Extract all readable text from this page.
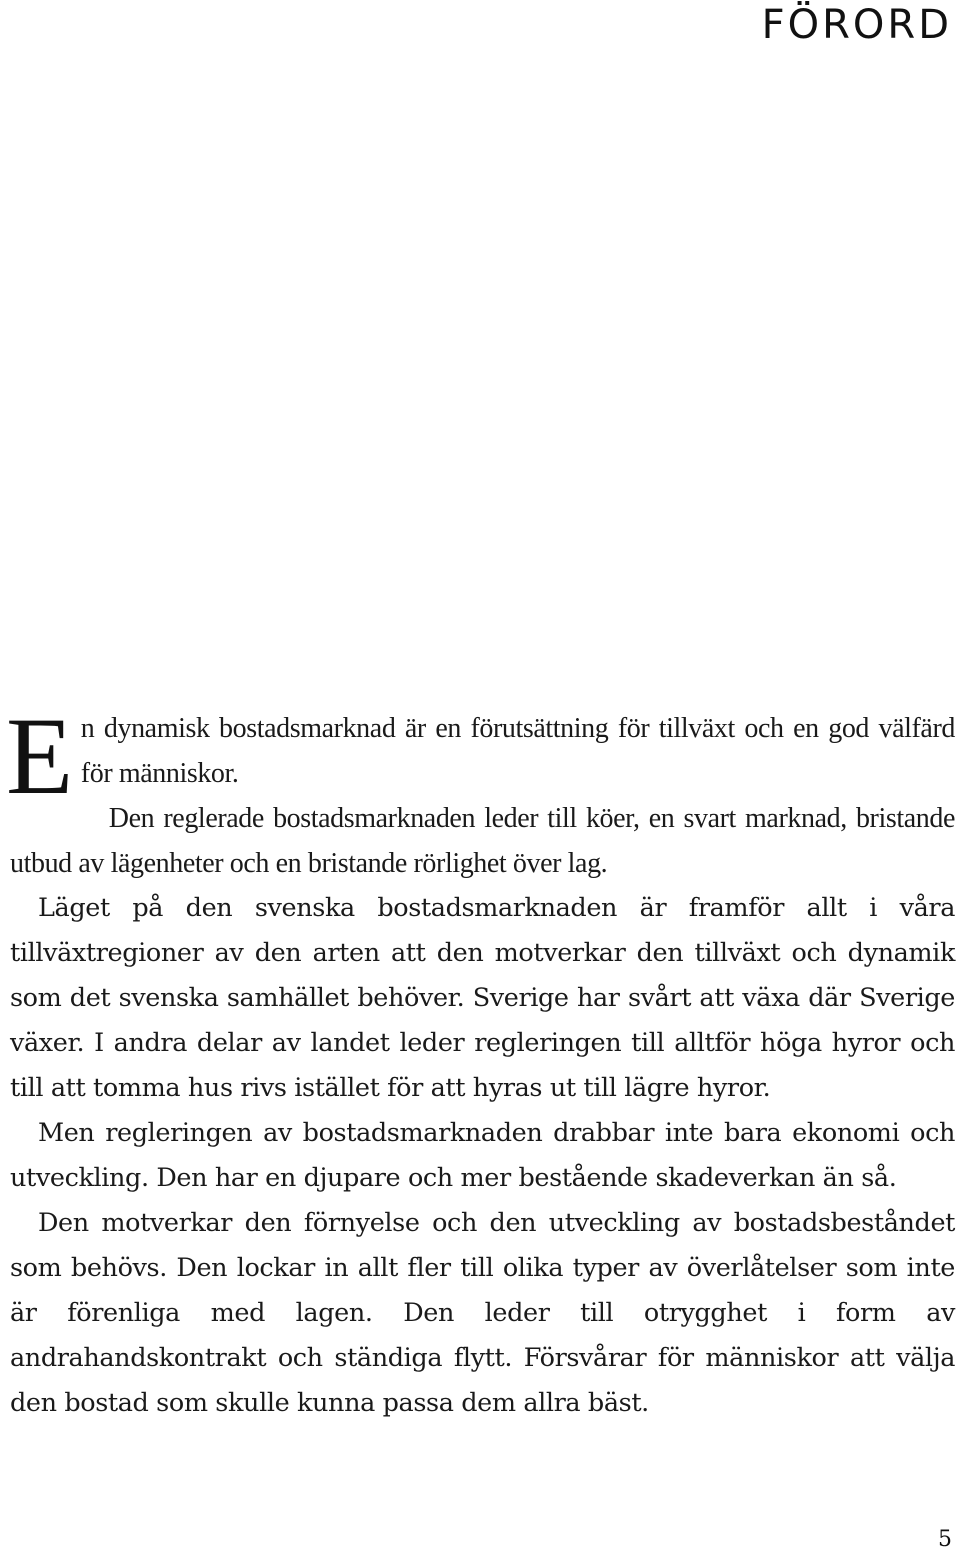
FÖRORD

En dynamisk bostadsmarknad är en förutsättning för tillväxt och en god välfärd för människor.

Den reglerade bostadsmarknaden leder till köer, en svart marknad, bristande utbud av lägenheter och en bristande rörlighet över lag.

Läget på den svenska bostadsmarknaden är framför allt i våra tillväxtregioner av den arten att den motverkar den tillväxt och dynamik som det svenska samhället behöver. Sverige har svårt att växa där Sverige växer. I andra delar av landet leder regleringen till alltför höga hyror och till att tomma hus rivs istället för att hyras ut till lägre hyror.

Men regleringen av bostadsmarknaden drabbar inte bara ekonomi och utveckling. Den har en djupare och mer bestående skadeverkan än så.

Den motverkar den förnyelse och den utveckling av bostadsbeståndet som behövs. Den lockar in allt fler till olika typer av överlåtelser som inte är förenliga med lagen. Den leder till otrygghet i form av andrahandskontrakt och ständiga flytt. Försvårar för människor att välja den bostad som skulle kunna passa dem allra bäst.

5
